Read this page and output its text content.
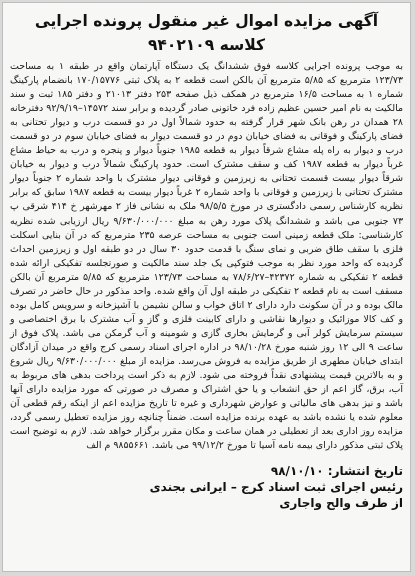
آگهی مزایده اموال غیر منقول پرونده اجرایی کلاسه ۹۴۰۲۱۰۹

به موجب پرونده اجرایی کلاسه فوق ششدانگ یک دستگاه آپارتمان واقع در طبقه ۱ به مساحت ۱۲۳/۷۳ مترمربع که ۵/۸۵ مترمربع آن بالکن است قطعه ۲ به پلاک ثبتی ۱۷۰/۱۵۷۷۶ بانضمام پارکینگ شماره ۱ به مساحت ۱۶/۵ مترمربع در همکف ذیل صفحه ۲۵۳ دفتر ۲۱۰۱۳ و دفتر ۱۸۵ ثبت و سند مالکیت به نام امیر حسین عظیم زاده فرد خاتونی صادر گردیده و برابر سند ۱۴۵۷۲–۹۲/۹/۱۹ دفترخانه ۲۸ همدان در رهن بانک شهر قرار گرفته به حدود شمالاً اول در دو قسمت درب و دیوار تحتانی به فضای پارکینگ و فوقانی به فضای خیابان دوم در دو قسمت دیوار به فضای خیابان سوم در دو قسمت درب و دیوار به راه پله مشاع شرقاً دیوار به قطعه ۱۹۸۵ جنوباً دیوار و پنجره و درب به حیاط مشاع غرباً دیوار به قطعه ۱۹۸۷ کف و سقف مشترک است. حدود پارکینگ شمالاً درب و دیوار به خیابان شرقاً دیوار بیست قسمت تحتانی به زیرزمین و فوقانی دیوار مشترک با واحد شماره ۲ جنوباً دیوار مشترک تحتانی با زیرزمین و فوقانی با واحد شماره ۲ غرباً دیوار بیست به قطعه ۱۹۸۷ سابق که برابر نظریه کارشناس رسمی دادگستری در مورخ ۹۸/۵/۵ ملک به نشانی فاز ۲ مهرشهر خ ۴۱۴ شرقی پ ۷۳ جنوبی می باشد و ششدانگ پلاک مورد رهن به مبلغ ۹/۶۳۰/۰۰۰/۰۰۰ ریال ارزیابی شده نظریه کارشناسی: ملک قطعه زمینی است جنوبی به مساحت عرصه ۲۳۵ مترمربع که در آن بنایی اسکلت فلزی با سقف طاق ضربی و نمای سنگ با قدمت حدود ۳۰ سال در دو طبقه اول و زیرزمین احداث گردیده که واحد مورد نظر به موجب فتوکپی یک جلد سند مالکیت و صورتجلسه تفکیکی ارائه شده قطعه ۲ تفکیکی به شماره ۴۲۳۷۲–۷۸/۶/۲۷ به مساحت ۱۲۳/۷۳ مترمربع که ۵/۸۵ مترمربع آن بالکن مسقف است به نام قطعه ۲ تفکیکی در طبقه اول آن واقع شده. واحد مذکور در حال حاضر در تصرف مالک بوده و در آن سکونت دارد دارای ۲ اتاق خواب و سالن نشیمن با آشپزخانه و سرویس کامل بوده و کف کالا موزائیک و دیوارها نقاشی و دارای کابینت فلزی و گاز و آب مشترک با برق اختصاصی و سیستم سرمایش کولر آبی و گرمایش بخاری گازی و شومینه و آب گرمکن می باشد. پلاک فوق از ساعت ۹ الی ۱۲ روز شنبه مورخ ۹۸/۱۰/۲۸ در اداره اجرای اسناد رسمی کرج واقع در میدان آزادگان ابتدای خیابان مطهری از طریق مزایده به فروش می‌رسد. مزایده از مبلغ ۹/۶۳۰/۰۰۰/۰۰۰ ریال شروع و به بالاترین قیمت پیشنهادی نقداً فروخته می شود. لازم به ذکر است پرداخت بدهی های مربوط به آب، برق، گاز اعم از حق انشعاب و یا حق اشتراک و مصرف در صورتی که مورد مزایده دارای آنها باشد و نیز بدهی های مالیاتی و عوارض شهرداری و غیره تا تاریخ مزایده اعم از اینکه رقم قطعی آن معلوم شده یا نشده باشد به عهده برنده مزایده است. ضمناً چنانچه روز مزایده تعطیل رسمی گردد، مزایده روز اداری بعد از تعطیلی در همان ساعت و مکان مقرر برگزار خواهد شد. لازم به توضیح است پلاک ثبتی مذکور دارای بیمه نامه آسیا تا مورخ ۹۹/۱۲/۲ می باشد. ۹۸۵۵۶۶۱ م الف

تاریخ انتشار: ۹۸/۱۰/۱۰
رئیس اجرای ثبت اسناد کرج – ایرانی بجندی
از طرف والح واجاری
